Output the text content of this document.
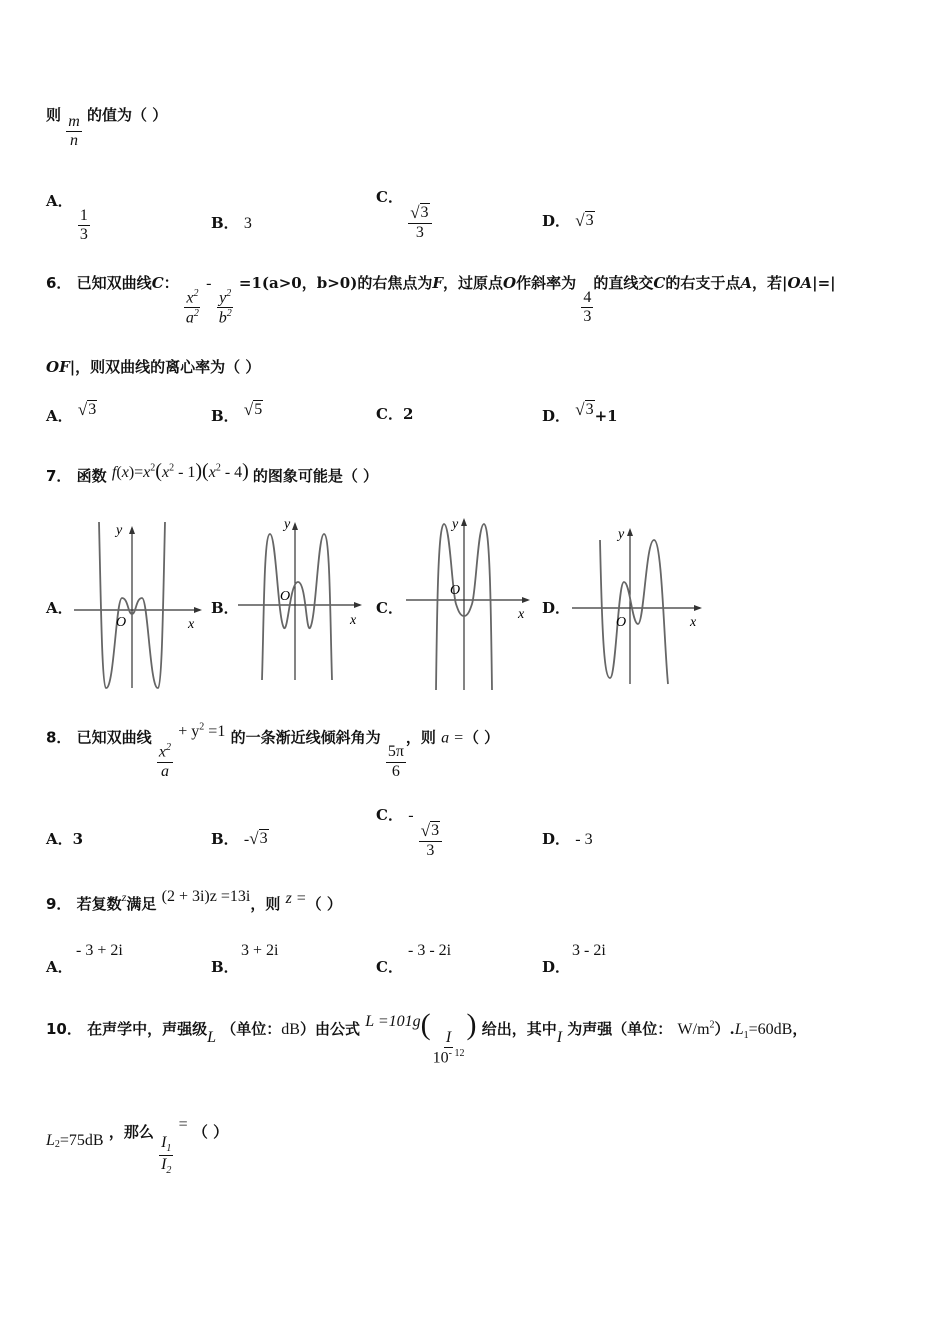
则 $\frac{m}{n}$ 的值为（ ）
A．
$\frac{1}{3}$	B． 3
C．
$\frac{√ 3}{3}$	D． √ 3
6． 已知双曲线C：
$\frac{x^2}{a^2}$
-
$\frac{y^2}{b^2}$
=1(a>0，b>0)的右焦点为F，过原点O作斜率为
$\frac{4}{3}$
的直线交C的右支于点A，若|OA|=|
OF|，则双曲线的离心率为（ ）
A． √ 3	B． √ 5	C．2	D． √ 3 +1
7． 函数 $f(x)=x^2(x^2 - 1)(x^2 - 4)$ 的图象可能是（ ）
A．	B．	C．	D．
y
O	x
y
O
x
y
O
x
y
O	x
8． 已知双曲线
$\frac{x^2}{a}$
+ $y^2 =1$ 的一条渐近线倾斜角为
$\frac{5\pi}{6}$
，则 a =（ ）
A．3	B． - √ 3
C． -
$\frac{√ 3}{3}$	D． - 3
9． 若复数$^z$满足 (2 + 3i)z =13i，则 z =（ ）
A．
- 3 + 2i
B．
3 + 2i
C．
- 3 - 2i
D．
3 - 2i
10． 在声学中，声强级L （单位：dB）由公式 L =101g(
$\frac{I}{10^{- 12}}$
) 给出，其中I 为声强（单位： $W/m^2).L_1=60dB$，
$L_2=75dB$ ，那么
$\frac{I_1}{I_2}$
= （ ）
